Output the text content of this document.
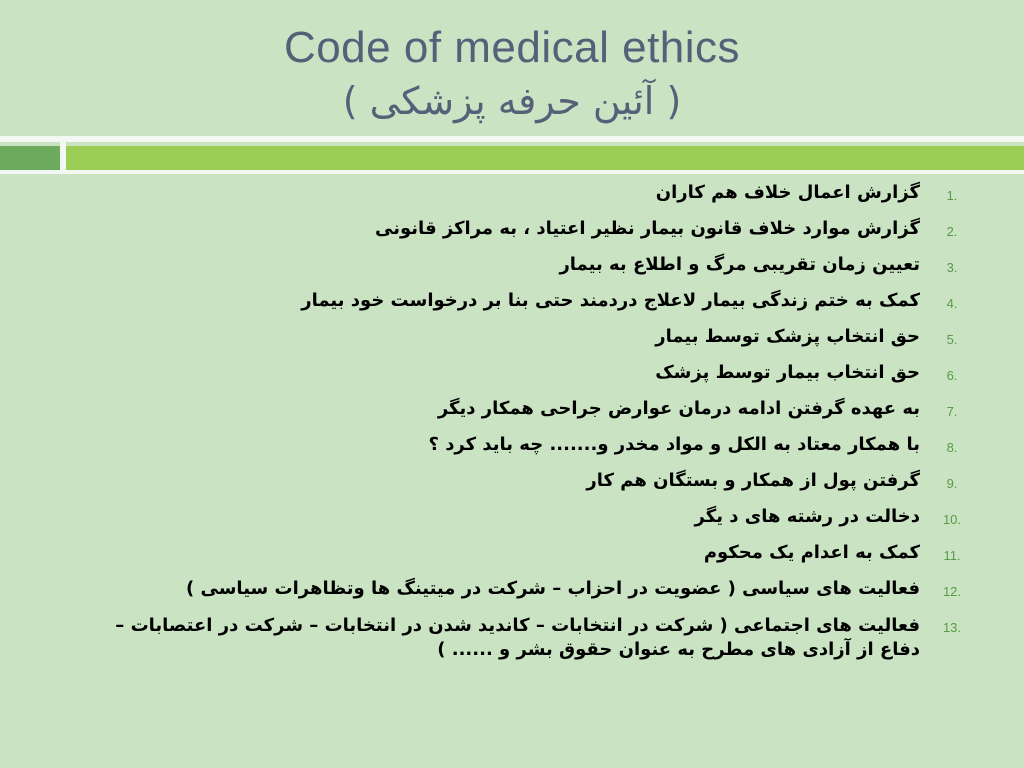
Code of medical ethics
( آئین حرفه پزشکی )
1.
گزارش اعمال خلاف هم کاران
2.
گزارش موارد خلاف قانون بیمار نظیر اعتیاد ، به مراکز قانونی
3.
تعیین زمان تقریبی مرگ و اطلاع به بیمار
4.
کمک به ختم زندگی بیمار لاعلاج دردمند حتی بنا بر درخواست خود بیمار
5.
حق انتخاب پزشک توسط بیمار
6.
حق انتخاب بیمار توسط پزشک
7.
به عهده گرفتن ادامه درمان عوارض جراحی همکار دیگر
8.
با همکار معتاد به الکل و مواد مخدر و....... چه باید کرد ؟
9.
گرفتن پول از همکار و بستگان هم کار
10.
دخالت در رشته های د یگر
11.
کمک به اعدام یک محکوم
12.
فعالیت های سیاسی ( عضویت در احزاب – شرکت در میتینگ ها وتظاهرات سیاسی )
13.
فعالیت های اجتماعی ( شرکت در انتخابات – کاندید شدن در انتخابات – شرکت در اعتصابات – دفاع از آزادی های مطرح به عنوان حقوق بشر و ...... )
